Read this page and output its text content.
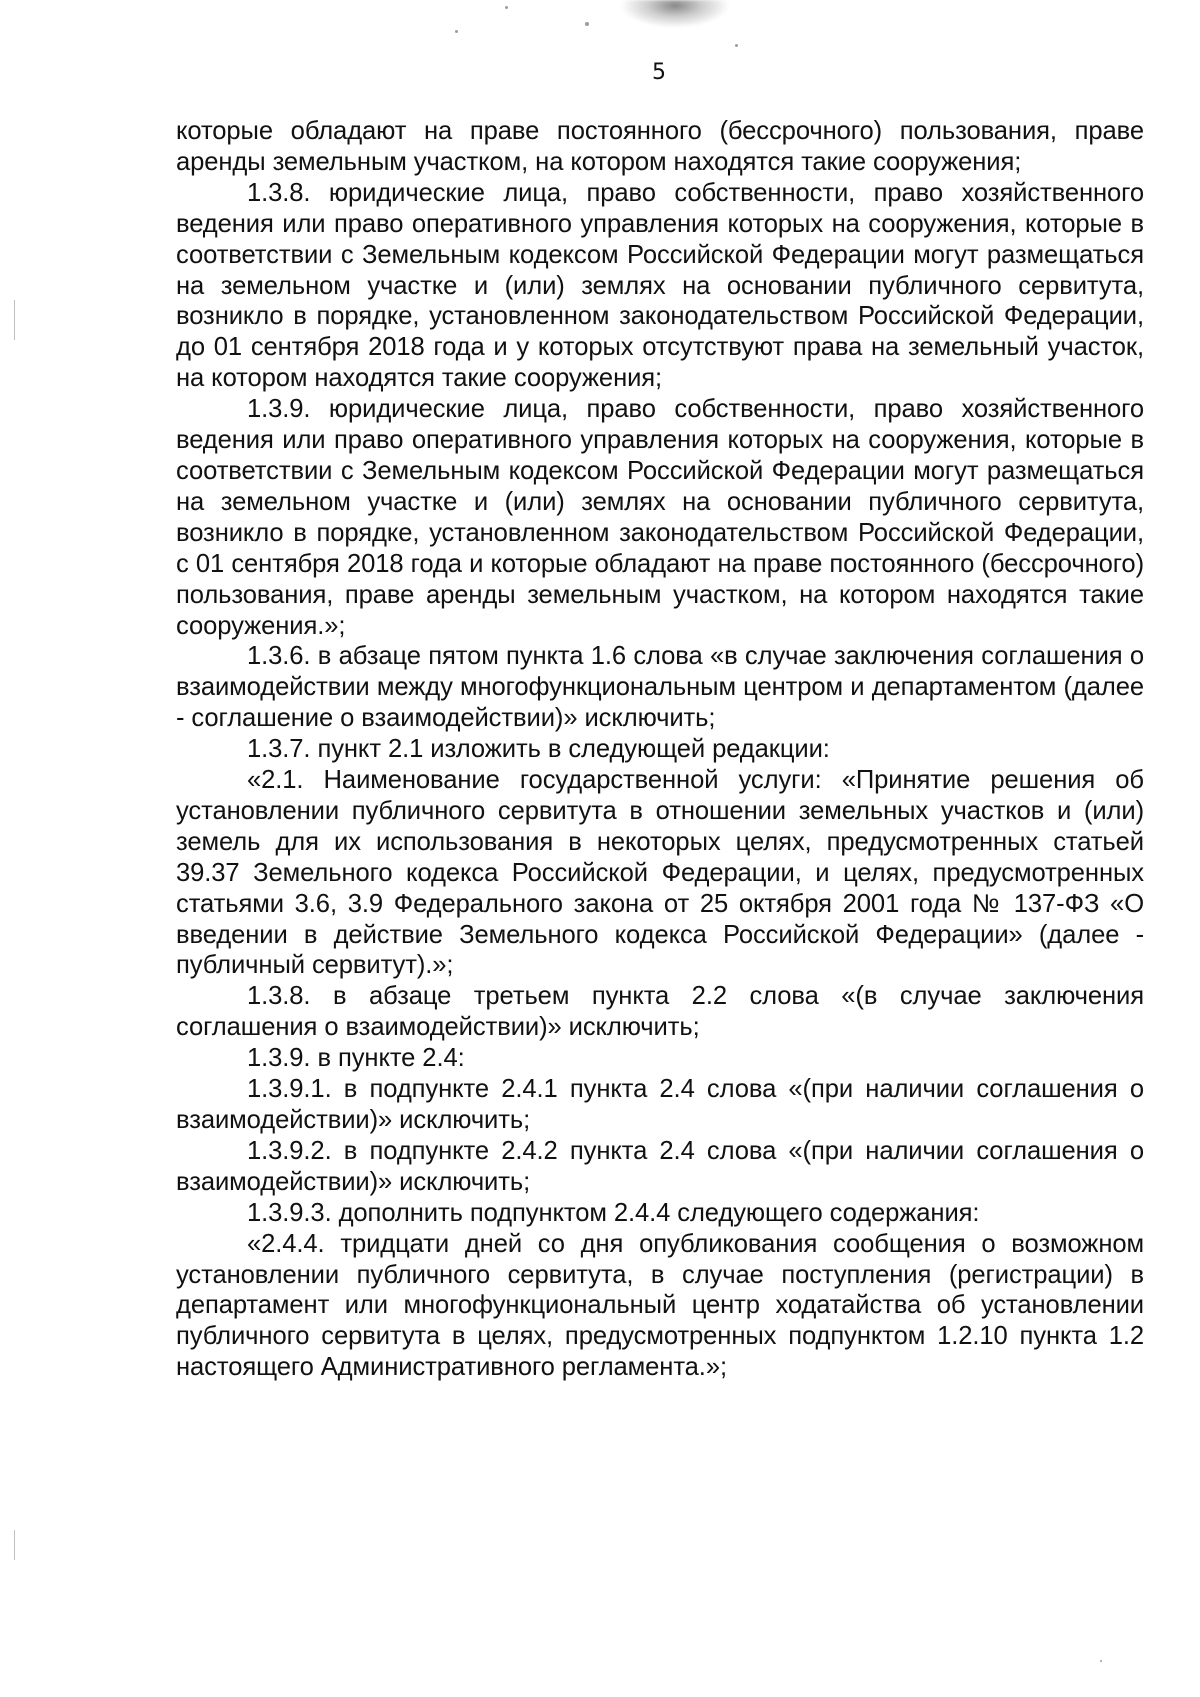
5

которые обладают на праве постоянного (бессрочного) пользования, праве аренды земельным участком, на котором находятся такие сооружения;

1.3.8. юридические лица, право собственности, право хозяйственного ведения или право оперативного управления которых на сооружения, которые в соответствии с Земельным кодексом Российской Федерации могут размещаться на земельном участке и (или) землях на основании публичного сервитута, возникло в порядке, установленном законодательством Российской Федерации, до 01 сентября 2018 года и у которых отсутствуют права на земельный участок, на котором находятся такие сооружения;

1.3.9. юридические лица, право собственности, право хозяйственного ведения или право оперативного управления которых на сооружения, которые в соответствии с Земельным кодексом Российской Федерации могут размещаться на земельном участке и (или) землях на основании публичного сервитута, возникло в порядке, установленном законодательством Российской Федерации, с 01 сентября 2018 года и которые обладают на праве постоянного (бессрочного) пользования, праве аренды земельным участком, на котором находятся такие сооружения.»;

1.3.6. в абзаце пятом пункта 1.6 слова «в случае заключения соглашения о взаимодействии между многофункциональным центром и департаментом (далее - соглашение о взаимодействии)» исключить;

1.3.7. пункт 2.1 изложить в следующей редакции:

«2.1. Наименование государственной услуги: «Принятие решения об установлении публичного сервитута в отношении земельных участков и (или) земель для их использования в некоторых целях, предусмотренных статьей 39.37 Земельного кодекса Российской Федерации, и целях, предусмотренных статьями 3.6, 3.9 Федерального закона от 25 октября 2001 года № 137-ФЗ «О введении в действие Земельного кодекса Российской Федерации» (далее - публичный сервитут).»;

1.3.8. в абзаце третьем пункта 2.2 слова «(в случае заключения соглашения о взаимодействии)» исключить;

1.3.9. в пункте 2.4:

1.3.9.1. в подпункте 2.4.1 пункта 2.4 слова «(при наличии соглашения о взаимодействии)» исключить;

1.3.9.2. в подпункте 2.4.2 пункта 2.4 слова «(при наличии соглашения о взаимодействии)» исключить;

1.3.9.3. дополнить подпунктом 2.4.4 следующего содержания:

«2.4.4. тридцати дней со дня опубликования сообщения о возможном установлении публичного сервитута, в случае поступления (регистрации) в департамент или многофункциональный центр ходатайства об установлении публичного сервитута в целях, предусмотренных подпунктом 1.2.10 пункта 1.2 настоящего Административного регламента.»;
